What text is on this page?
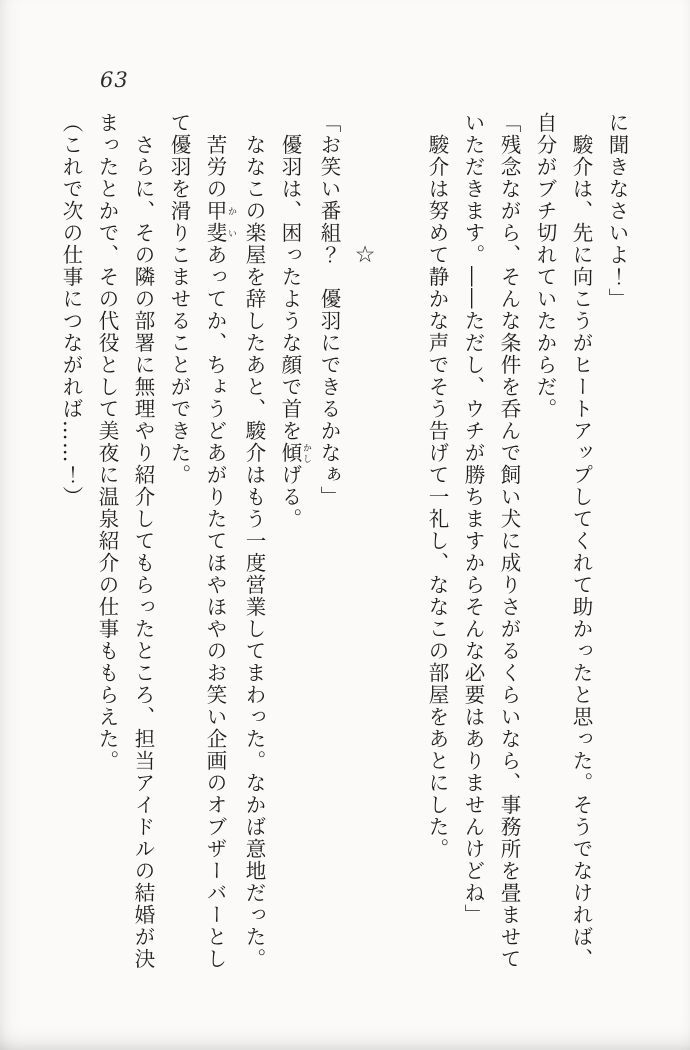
63

に聞きなさいよ！」

駿介は、先に向こうがヒートアップしてくれて助かったと思った。そうでなければ、自分がブチ切れていたからだ。

「残念ながら、そんな条件を呑んで飼い犬に成りさがるくらいなら、事務所を畳ませていただきます。――ただし、ウチが勝ちますからそんな必要はありませんけどね」

駿介は努めて静かな声でそう告げて一礼し、ななこの部屋をあとにした。

☆

「お笑い番組？　優羽にできるかなぁ」

優羽は、困ったような顔で首を傾 かしげる。

ななこの楽屋を辞したあと、駿介はもう一度営業してまわった。なかば意地だった。

苦労の甲斐 かいあってか、ちょうどあがりたてほやほやのお笑い企画のオブザーバーとして優羽を滑りこませることができた。

さらに、その隣の部署に無理やり紹介してもらったところ、担当アイドルの結婚が決まったとかで、その代役として美夜に温泉紹介の仕事ももらえた。

（これで次の仕事につながれば……！）
